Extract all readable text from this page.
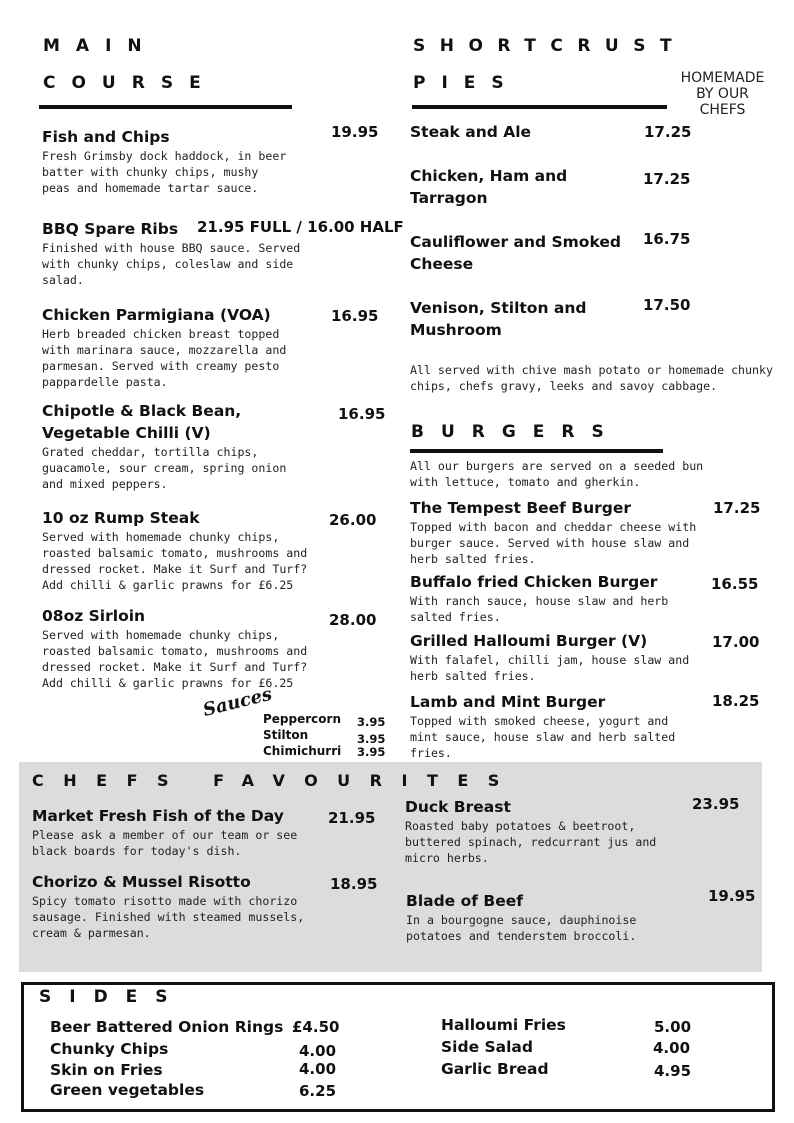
MAIN
COURSE
Fish and Chips
Fresh Grimsby dock haddock, in beer batter with chunky chips, mushy peas and homemade tartar sauce.
19.95
BBQ Spare Ribs
Finished with house BBQ sauce. Served with chunky chips, coleslaw and side salad.
21.95 FULL / 16.00 HALF
Chicken Parmigiana (VOA)
Herb breaded chicken breast topped with marinara sauce, mozzarella and parmesan. Served with creamy pesto pappardelle pasta.
16.95
Chipotle & Black Bean, Vegetable Chilli (V)
Grated cheddar, tortilla chips, guacamole, sour cream, spring onion and mixed peppers.
16.95
10 oz Rump Steak
Served with homemade chunky chips, roasted balsamic tomato, mushrooms and dressed rocket. Make it Surf and Turf? Add chilli & garlic prawns for £6.25
26.00
08oz Sirloin
Served with homemade chunky chips, roasted balsamic tomato, mushrooms and dressed rocket. Make it Surf and Turf? Add chilli & garlic prawns for £6.25
28.00
Sauces
Peppercorn 3.95
Stilton	3.95
Chimichurri 3.95
SHORTCRUST
PIES	HOMEMADE BY OUR CHEFS
Steak and Ale	17.25
Chicken, Ham and Tarragon
17.25
Cauliflower and Smoked Cheese
16.75
Venison, Stilton and Mushroom
17.50
All served with chive mash potato or homemade chunky chips, chefs gravy, leeks and savoy cabbage.
BURGERS
All our burgers are served on a seeded bun with lettuce, tomato and gherkin.
The Tempest Beef Burger
Topped with bacon and cheddar cheese with burger sauce. Served with house slaw and herb salted fries.
17.25
Buffalo fried Chicken Burger
With ranch sauce, house slaw and herb salted fries.
16.55
Grilled Halloumi Burger (V)
With falafel, chilli jam, house slaw and herb salted fries.
17.00
Lamb and Mint Burger
Topped with smoked cheese, yogurt and mint sauce, house slaw and herb salted fries.
18.25
CHEFS FAVOURITES
Market Fresh Fish of the Day
Please ask a member of our team or see black boards for today's dish.
21.95
Chorizo & Mussel Risotto
Spicy tomato risotto made with chorizo sausage. Finished with steamed mussels, cream & parmesan.
18.95
Duck Breast
Roasted baby potatoes & beetroot, buttered spinach, redcurrant jus and micro herbs.
23.95
Blade of Beef
In a bourgogne sauce, dauphinoise potatoes and tenderstem broccoli.
19.95
SIDES
Beer Battered Onion Rings £4.50
Chunky Chips	4.00
Skin on Fries	4.00
Green vegetables	6.25
Halloumi Fries	5.00
Side Salad	4.00
Garlic Bread	4.95
